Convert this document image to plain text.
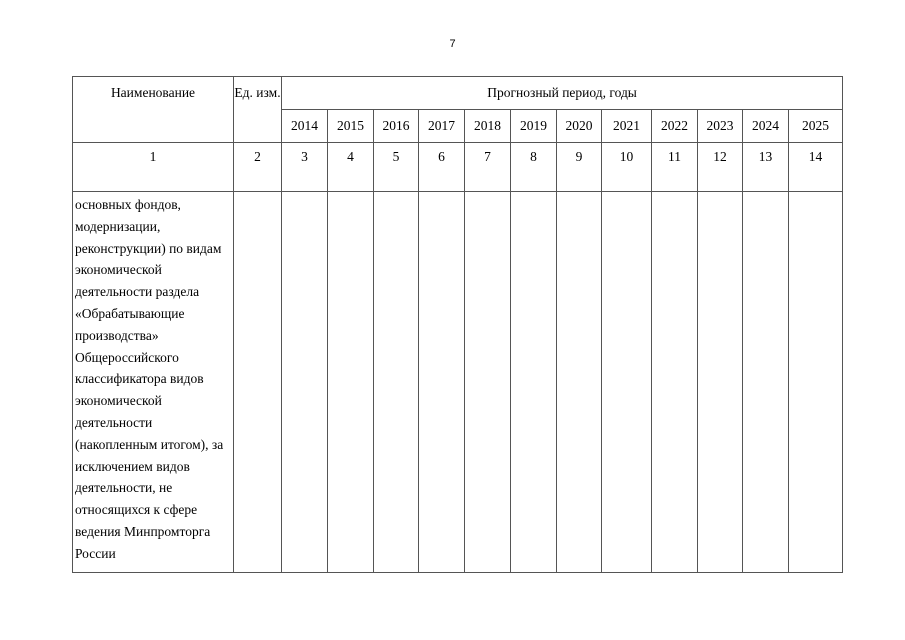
7
Наименование	Ед. изм.	Прогнозный период, годы											
		2014	2015	2016	2017	2018	2019	2020	2021	2022	2023	2024	2025
1	2	3	4	5	6	7	8	9	10	11	12	13	14
основных фондов, модернизации, реконструкции) по видам экономической деятельности раздела «Обрабатывающие производства» Общероссийского классификатора видов экономической деятельности (накопленным итогом), за исключением видов деятельности, не относящихся к сфере ведения Минпромторга России													
